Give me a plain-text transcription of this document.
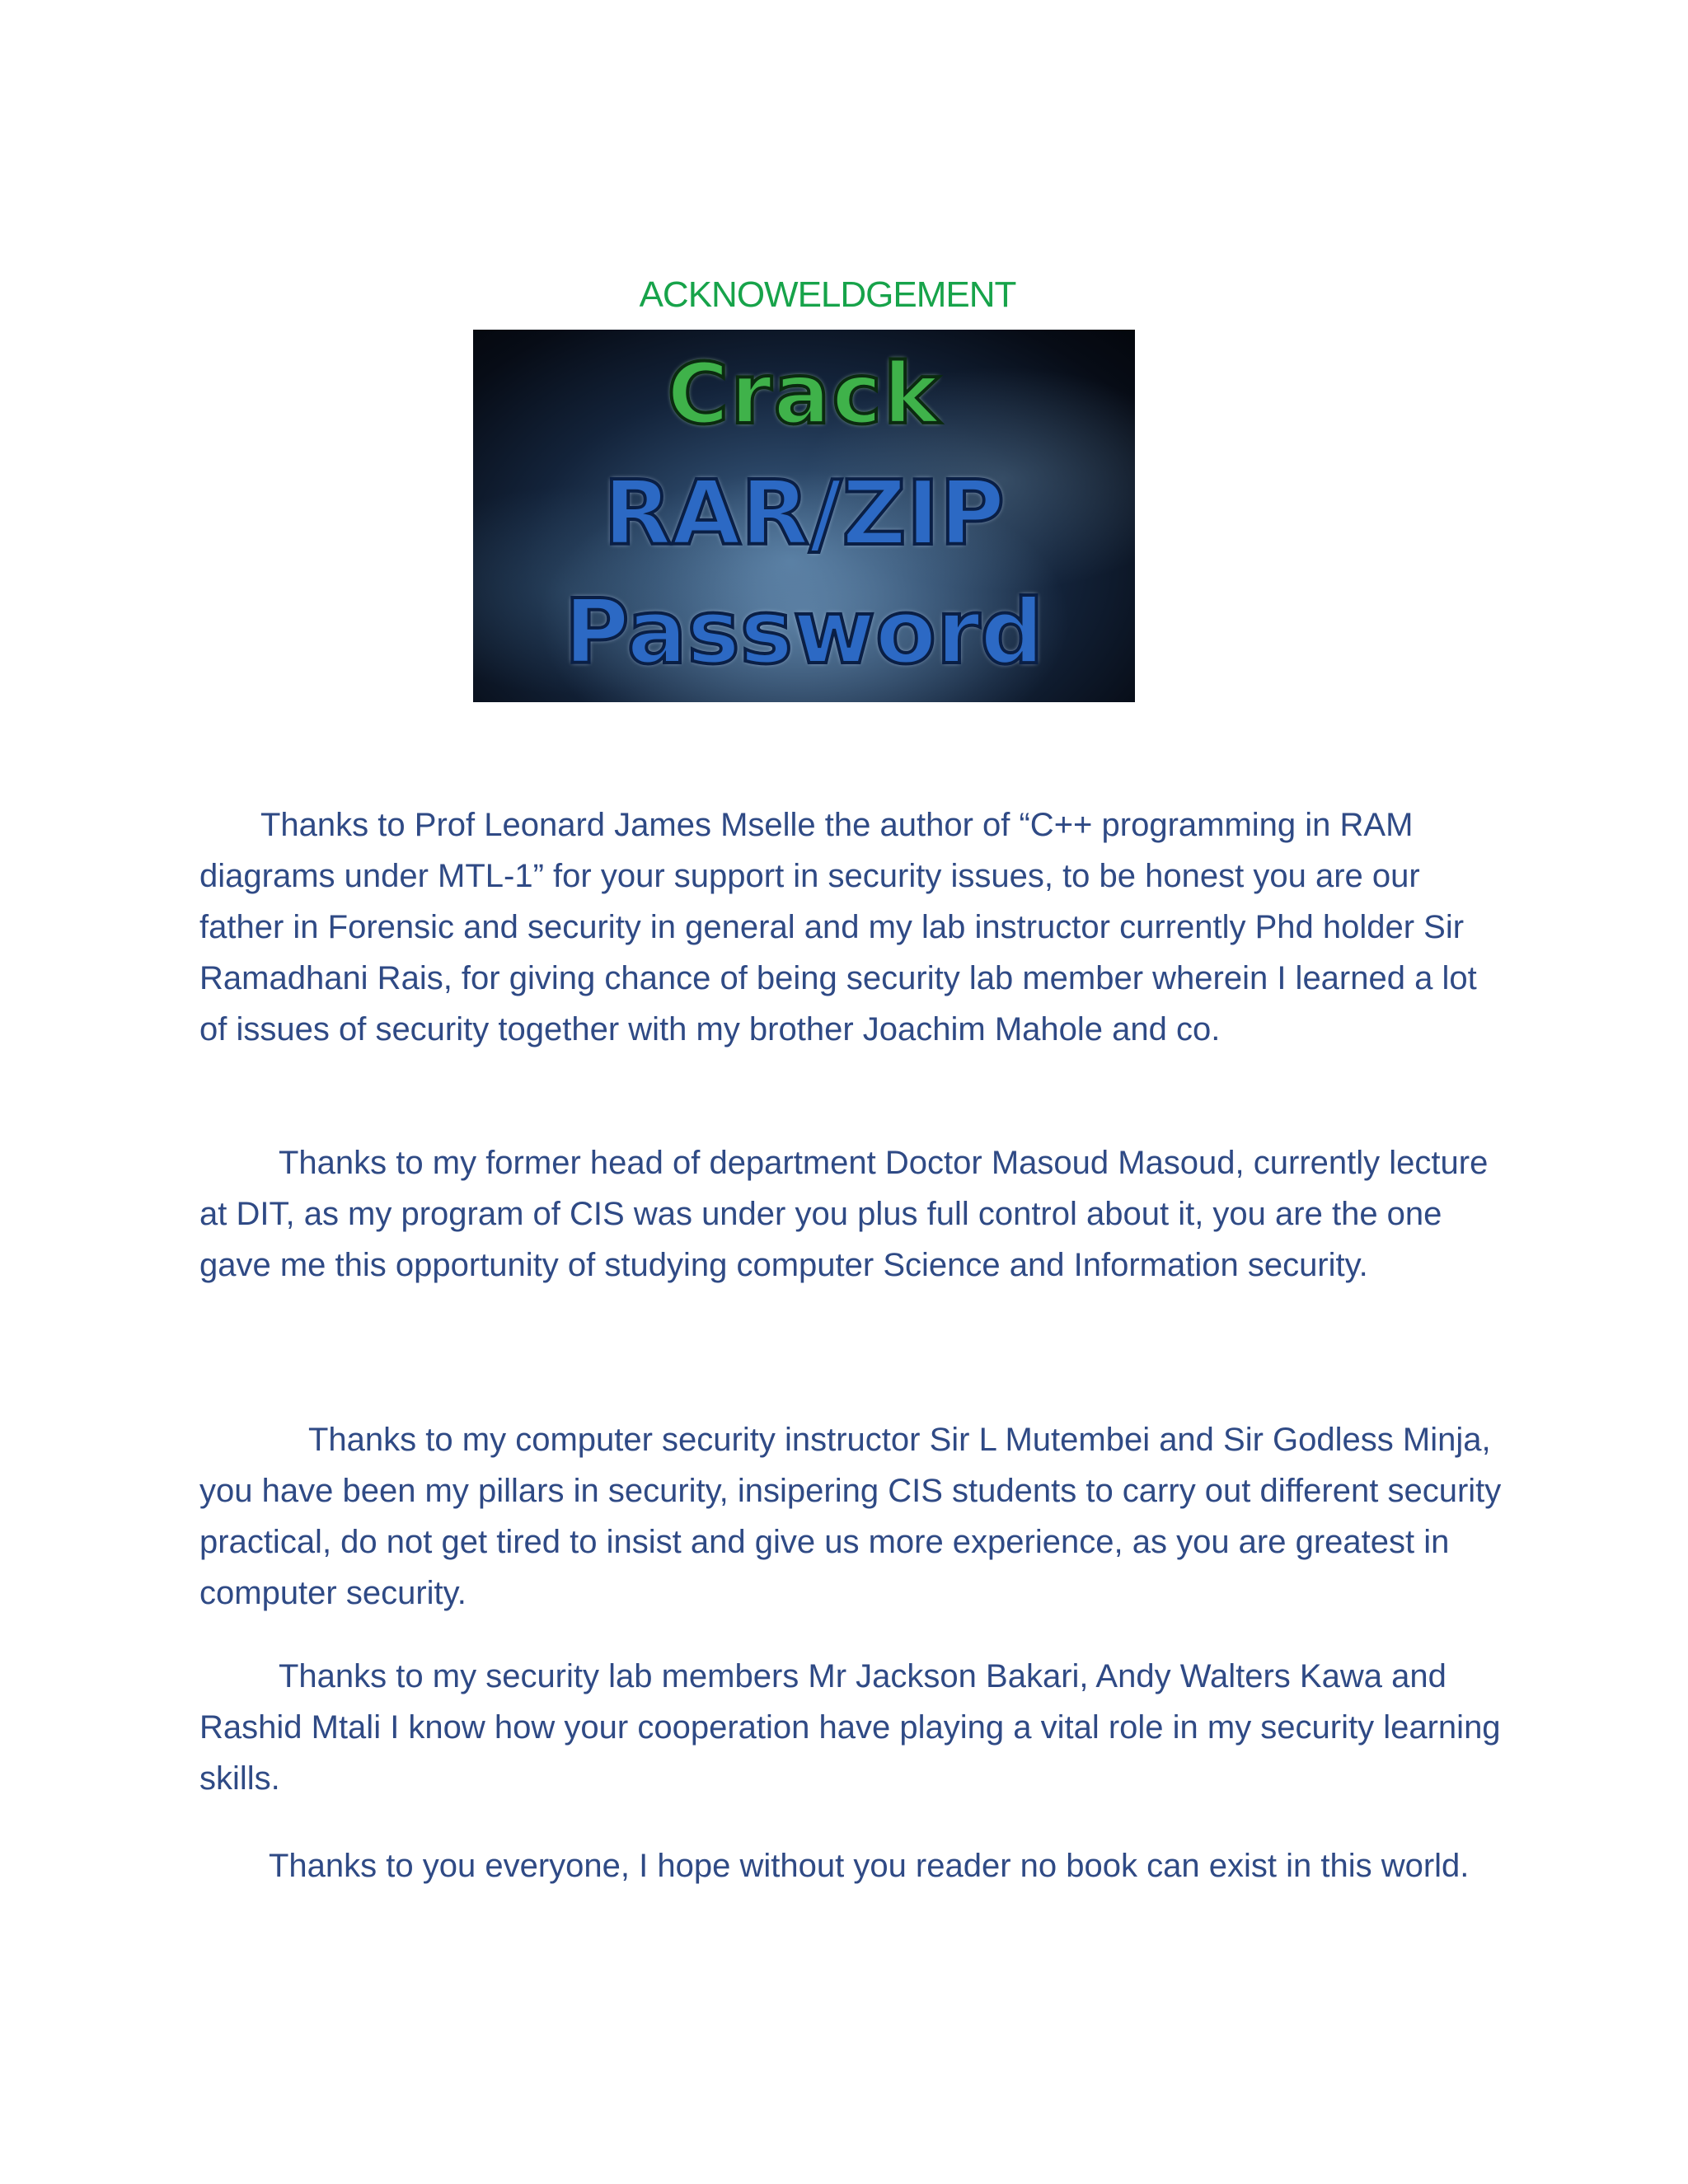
ACKNOWELDGEMENT
Crack
RAR/ZIP
Password

Thanks to Prof Leonard James Mselle the author of “C++ programming in RAM diagrams under MTL-1” for your support in security issues, to be honest you are our father in Forensic and security in general and my lab instructor currently Phd holder Sir Ramadhani Rais, for giving chance of being security lab member wherein I learned a lot of issues of security together with my brother Joachim Mahole and co.

Thanks to my former head of department Doctor Masoud Masoud, currently lecture at DIT, as my program of CIS was under you plus full control about it, you are the one gave me this opportunity of studying computer Science and Information security.

Thanks to my computer security instructor Sir L Mutembei and Sir Godless Minja, you have been my pillars in security, insipering CIS students to carry out different security practical, do not get tired to insist and give us more experience, as you are greatest in computer security.

Thanks to my security lab members Mr Jackson Bakari, Andy Walters Kawa and Rashid Mtali I know how your cooperation have playing a vital role in my security learning skills.

Thanks to you everyone, I hope without you reader no book can exist in this world.
